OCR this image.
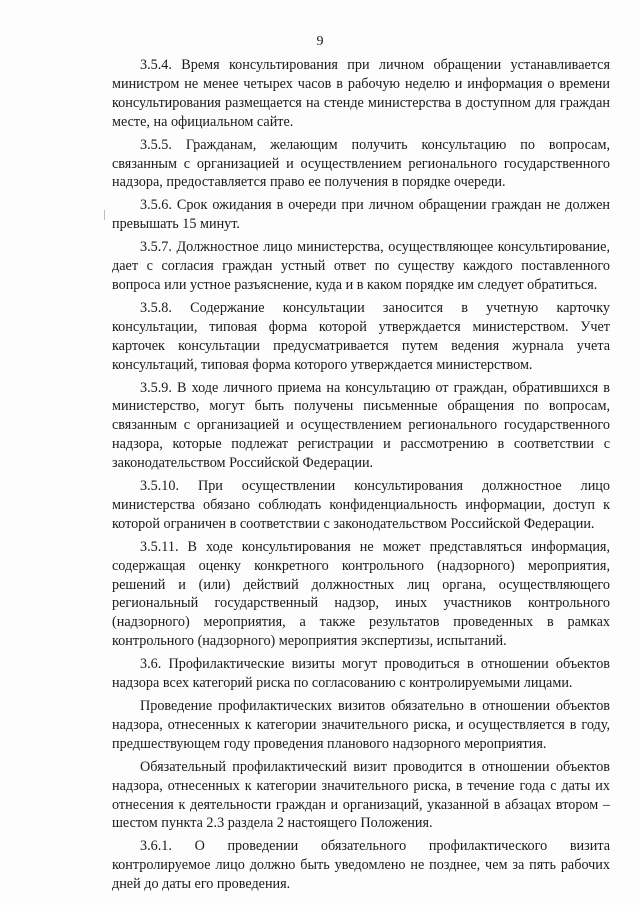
9

3.5.4. Время консультирования при личном обращении устанавливается министром не менее четырех часов в рабочую неделю и информация о времени консультирования размещается на стенде министерства в доступном для граждан месте, на официальном сайте.

3.5.5. Гражданам, желающим получить консультацию по вопросам, связанным с организацией и осуществлением регионального государственного надзора, предоставляется право ее получения в порядке очереди.

3.5.6. Срок ожидания в очереди при личном обращении граждан не должен превышать 15 минут.

3.5.7. Должностное лицо министерства, осуществляющее консультирование, дает с согласия граждан устный ответ по существу каждого поставленного вопроса или устное разъяснение, куда и в каком порядке им следует обратиться.

3.5.8. Содержание консультации заносится в учетную карточку консультации, типовая форма которой утверждается министерством. Учет карточек консультации предусматривается путем ведения журнала учета консультаций, типовая форма которого утверждается министерством.

3.5.9. В ходе личного приема на консультацию от граждан, обратившихся в министерство, могут быть получены письменные обращения по вопросам, связанным с организацией и осуществлением регионального государственного надзора, которые подлежат регистрации и рассмотрению в соответствии с законодательством Российской Федерации.

3.5.10. При осуществлении консультирования должностное лицо министерства обязано соблюдать конфиденциальность информации, доступ к которой ограничен в соответствии с законодательством Российской Федерации.

3.5.11. В ходе консультирования не может представляться информация, содержащая оценку конкретного контрольного (надзорного) мероприятия, решений и (или) действий должностных лиц органа, осуществляющего региональный государственный надзор, иных участников контрольного (надзорного) мероприятия, а также результатов проведенных в рамках контрольного (надзорного) мероприятия экспертизы, испытаний.

3.6. Профилактические визиты могут проводиться в отношении объектов надзора всех категорий риска по согласованию с контролируемыми лицами.

Проведение профилактических визитов обязательно в отношении объектов надзора, отнесенных к категории значительного риска, и осуществляется в году, предшествующем году проведения планового надзорного мероприятия.

Обязательный профилактический визит проводится в отношении объектов надзора, отнесенных к категории значительного риска, в течение года с даты их отнесения к деятельности граждан и организаций, указанной в абзацах втором – шестом пункта 2.3 раздела 2 настоящего Положения.

3.6.1. О проведении обязательного профилактического визита контролируемое лицо должно быть уведомлено не позднее, чем за пять рабочих дней до даты его проведения.
